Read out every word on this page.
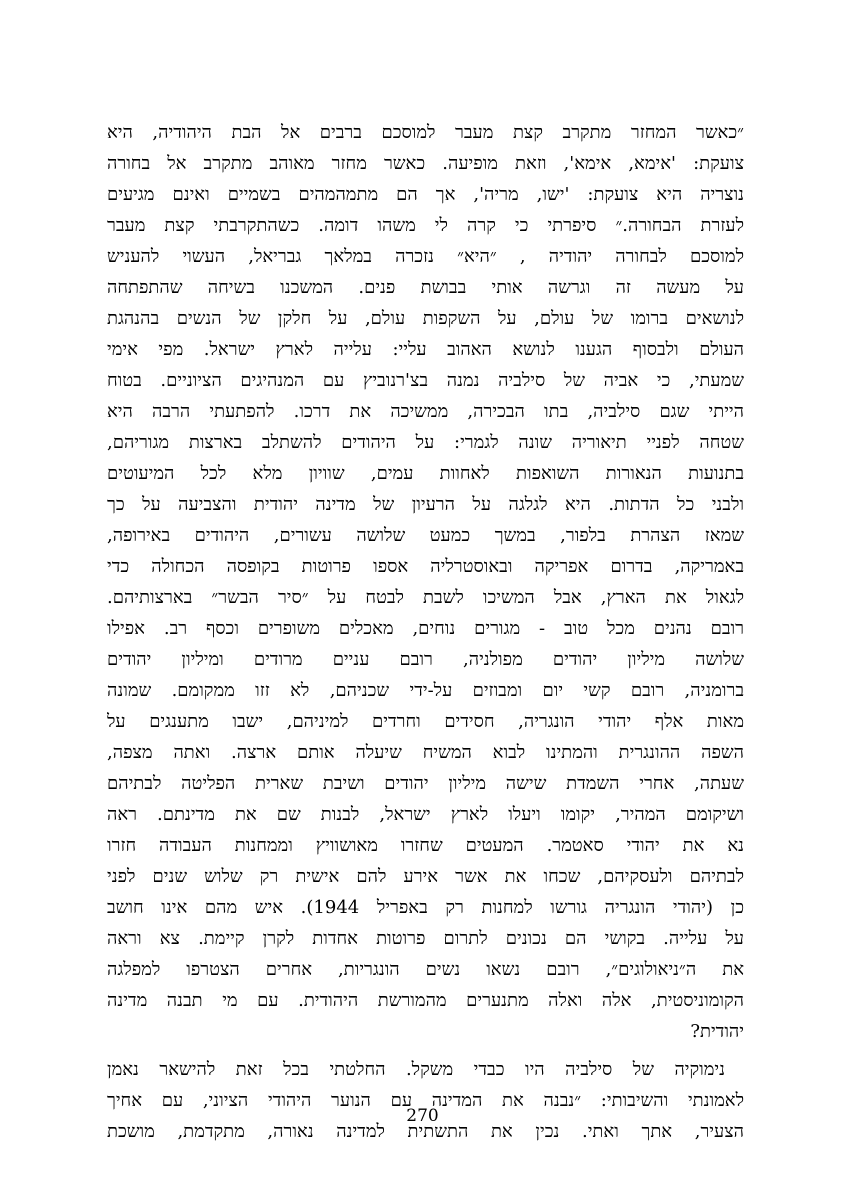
״כאשר המחזר מתקרב קצת מעבר למוסכם ברבים אל הבת היהודיה, היא
צועקת: 'אימא, אימא', וזאת מופיעה. כאשר מחזר מאוהב מתקרב אל בחורה
נוצריה היא צועקת: 'ישו, מריה', אך הם מתמהמהים בשמיים ואינם מגיעים
לעזרת הבחורה.״ סיפרתי כי קרה לי משהו דומה. כשהתקרבתי קצת מעבר
למוסכם לבחורה יהודיה , ״היא״ נזכרה במלאך גבריאל, העשוי להעניש
על מעשה זה וגרשה אותי בבושת פנים. המשכנו בשיחה שהתפתחה
לנושאים ברומו של עולם, על השקפות עולם, על חלקן של הנשים בהנהגת
העולם ולבסוף הגענו לנושא האהוב עליי: עלייה לארץ ישראל. מפי אימי
שמעתי, כי אביה של סילביה נמנה בצ'רנוביץ עם המנהיגים הציוניים. בטוח
הייתי שגם סילביה, בתו הבכירה, ממשיכה את דרכו. להפתעתי הרבה היא
שטחה לפניי תיאוריה שונה לגמרי: על היהודים להשתלב בארצות מגוריהם,
בתנועות הנאורות השואפות לאחוות עמים, שוויון מלא לכל המיעוטים
ולבני כל הדתות. היא לגלגה על הרעיון של מדינה יהודית והצביעה על כך
שמאז הצהרת בלפור, במשך כמעט שלושה עשורים, היהודים באירופה,
באמריקה, בדרום אפריקה ובאוסטרליה אספו פרוטות בקופסה הכחולה כדי
לגאול את הארץ, אבל המשיכו לשבת לבטח על ״סיר הבשר״ בארצותיהם.
רובם נהנים מכל טוב - מגורים נוחים, מאכלים משופרים וכסף רב. אפילו
שלושה מיליון יהודים מפולניה, רובם עניים מרודים ומיליון יהודים
ברומניה, רובם קשי יום ומבוזים על-ידי שכניהם, לא זזו ממקומם. שמונה
מאות אלף יהודי הונגריה, חסידים וחרדים למיניהם, ישבו מתענגים על
השפה ההונגרית והמתינו לבוא המשיח שיעלה אותם ארצה. ואתה מצפה,
שעתה, אחרי השמדת שישה מיליון יהודים ושיבת שארית הפליטה לבתיהם
ושיקומם המהיר, יקומו ויעלו לארץ ישראל, לבנות שם את מדינתם. ראה
נא את יהודי סאטמר. המעטים שחזרו מאושוויץ וממחנות העבודה חזרו
לבתיהם ולעסקיהם, שכחו את אשר אירע להם אישית רק שלוש שנים לפני
כן (יהודי הונגריה גורשו למחנות רק באפריל 1944). איש מהם אינו חושב
על עלייה. בקושי הם נכונים לתרום פרוטות אחדות לקרן קיימת. צא וראה
את ה״ניאולוגים״, רובם נשאו נשים הונגריות, אחרים הצטרפו למפלגה
הקומוניסטית, אלה ואלה מתנערים מהמורשת היהודית. עם מי תבנה מדינה
יהודית?
נימוקיה של סילביה היו כבדי משקל. החלטתי בכל זאת להישאר נאמן
לאמונתי והשיבותי: ״נבנה את המדינה עם הנוער היהודי הציוני, עם אחיך
הצעיר, אתך ואתי. נכין את התשתית למדינה נאורה, מתקדמת, מושכת
270
